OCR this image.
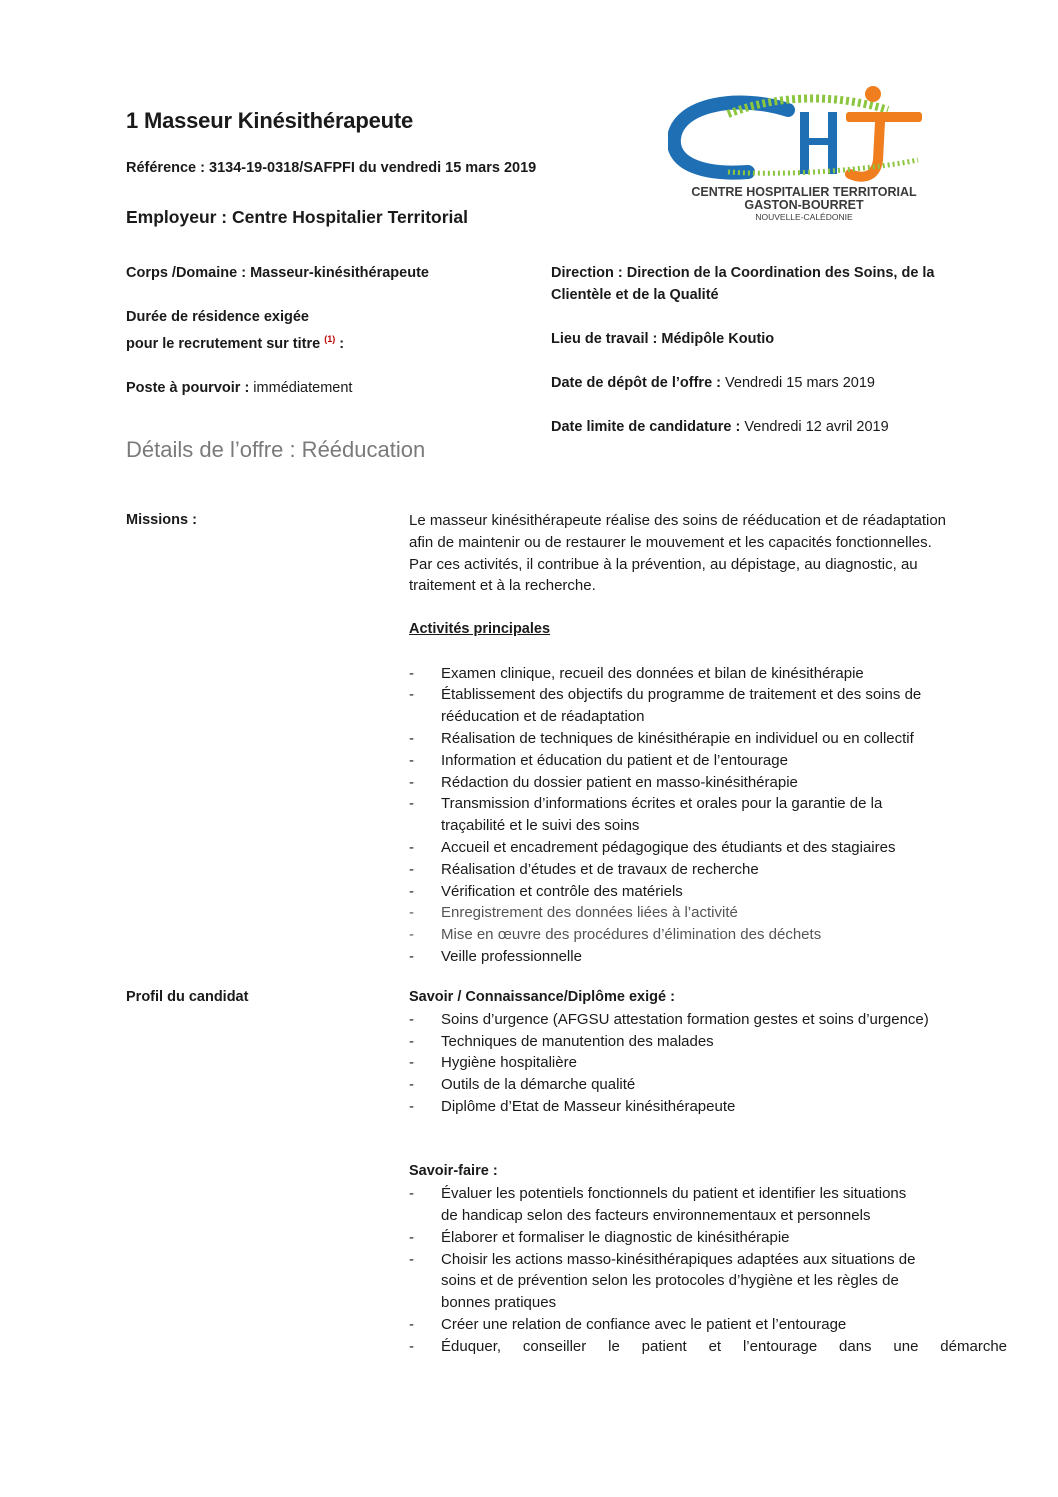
1 Masseur Kinésithérapeute
Référence : 3134-19-0318/SAFPFI du vendredi 15 mars 2019
Employeur : Centre Hospitalier Territorial
CENTRE HOSPITALIER TERRITORIAL
GASTON-BOURRET
NOUVELLE-CALÉDONIE
Corps /Domaine : Masseur-kinésithérapeute
Durée de résidence exigée
pour le recrutement sur titre $^{(1)}$ :
Poste à pourvoir : immédiatement
Direction : Direction de la Coordination des Soins, de la
Clientèle et de la Qualité
Lieu de travail : Médipôle Koutio
Date de dépôt de l’offre : Vendredi 15 mars 2019
Date limite de candidature : Vendredi 12 avril 2019
Détails de l’offre : Rééducation
Missions :	Le masseur kinésithérapeute réalise des soins de rééducation et de réadaptation
afin de maintenir ou de restaurer le mouvement et les capacités fonctionnelles.
Par ces activités, il contribue à la prévention, au dépistage, au diagnostic, au
traitement et à la recherche.
Activités principales
- Examen clinique, recueil des données et bilan de kinésithérapie
- Établissement des objectifs du programme de traitement et des soins de
rééducation et de réadaptation
- Réalisation de techniques de kinésithérapie en individuel ou en collectif
- Information et éducation du patient et de l’entourage
- Rédaction du dossier patient en masso-kinésithérapie
- Transmission d’informations écrites et orales pour la garantie de la
traçabilité et le suivi des soins
- Accueil et encadrement pédagogique des étudiants et des stagiaires
- Réalisation d’études et de travaux de recherche
- Vérification et contrôle des matériels
- Enregistrement des données liées à l’activité
- Mise en œuvre des procédures d’élimination des déchets
- Veille professionnelle
Profil du candidat	Savoir / Connaissance/Diplôme exigé :
- Soins d’urgence (AFGSU attestation formation gestes et soins d’urgence)
- Techniques de manutention des malades
- Hygiène hospitalière
- Outils de la démarche qualité
- Diplôme d’Etat de Masseur kinésithérapeute
Savoir-faire :
- Évaluer les potentiels fonctionnels du patient et identifier les situations
de handicap selon des facteurs environnementaux et personnels
- Élaborer et formaliser le diagnostic de kinésithérapie
- Choisir les actions masso-kinésithérapiques adaptées aux situations de
soins et de prévention selon les protocoles d’hygiène et les règles de
bonnes pratiques
- Créer une relation de confiance avec le patient et l’entourage
- Éduquer, conseiller le patient et l’entourage dans une démarche
